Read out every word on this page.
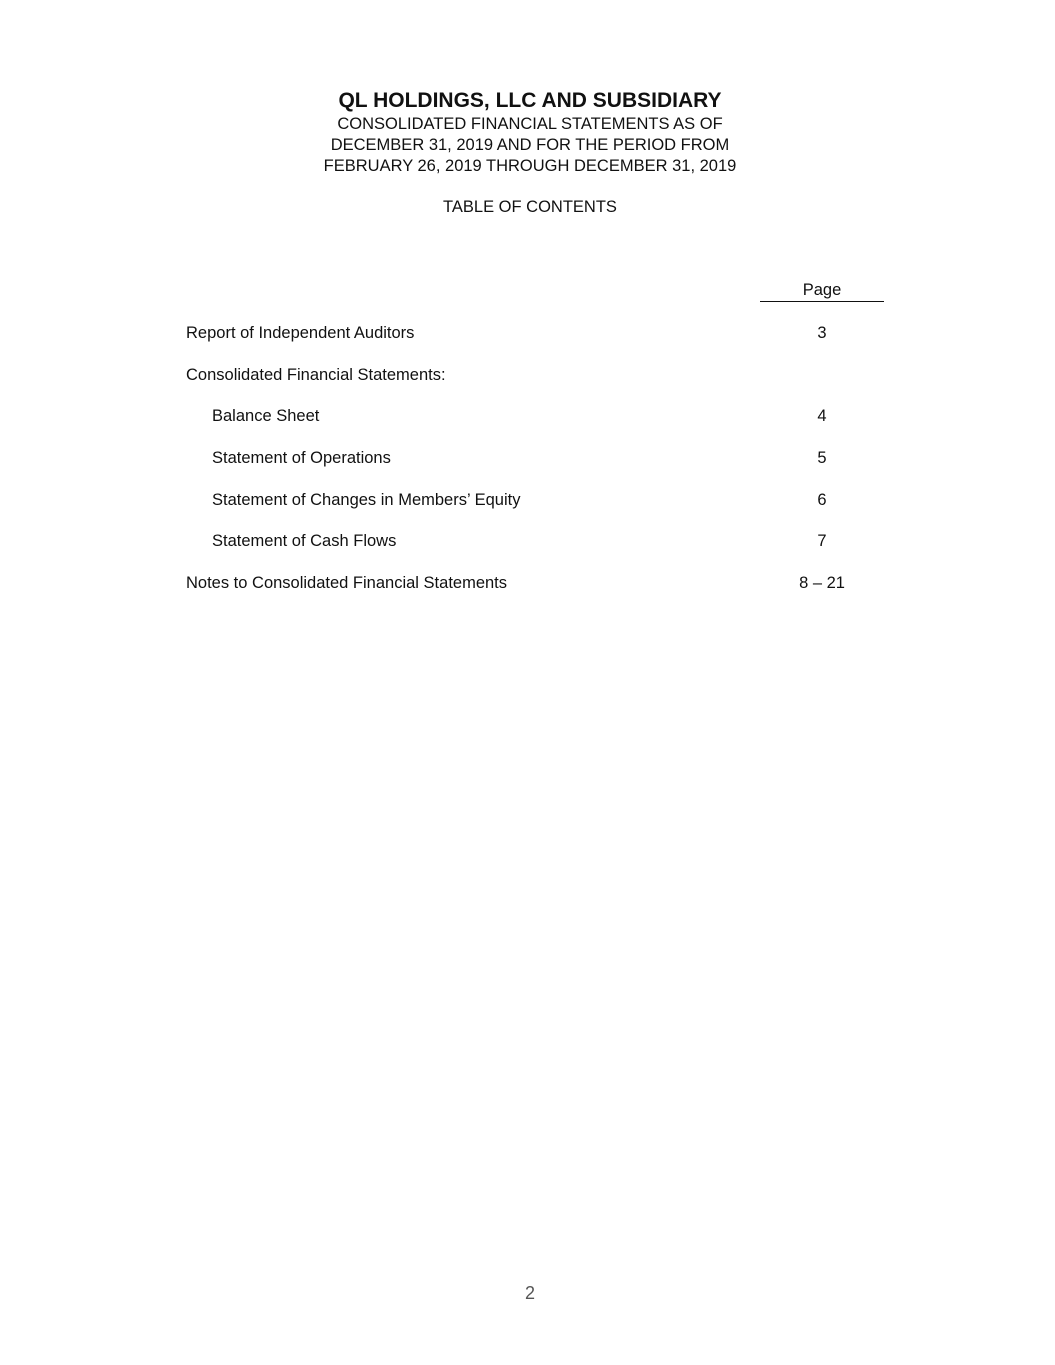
QL HOLDINGS, LLC AND SUBSIDIARY
CONSOLIDATED FINANCIAL STATEMENTS AS OF
DECEMBER 31, 2019 AND FOR THE PERIOD FROM
FEBRUARY 26, 2019 THROUGH DECEMBER 31, 2019
TABLE OF CONTENTS
Page
Report of Independent Auditors	3
Consolidated Financial Statements:
Balance Sheet	4
Statement of Operations	5
Statement of Changes in Members’ Equity	6
Statement of Cash Flows	7
Notes to Consolidated Financial Statements	8 – 21
2
